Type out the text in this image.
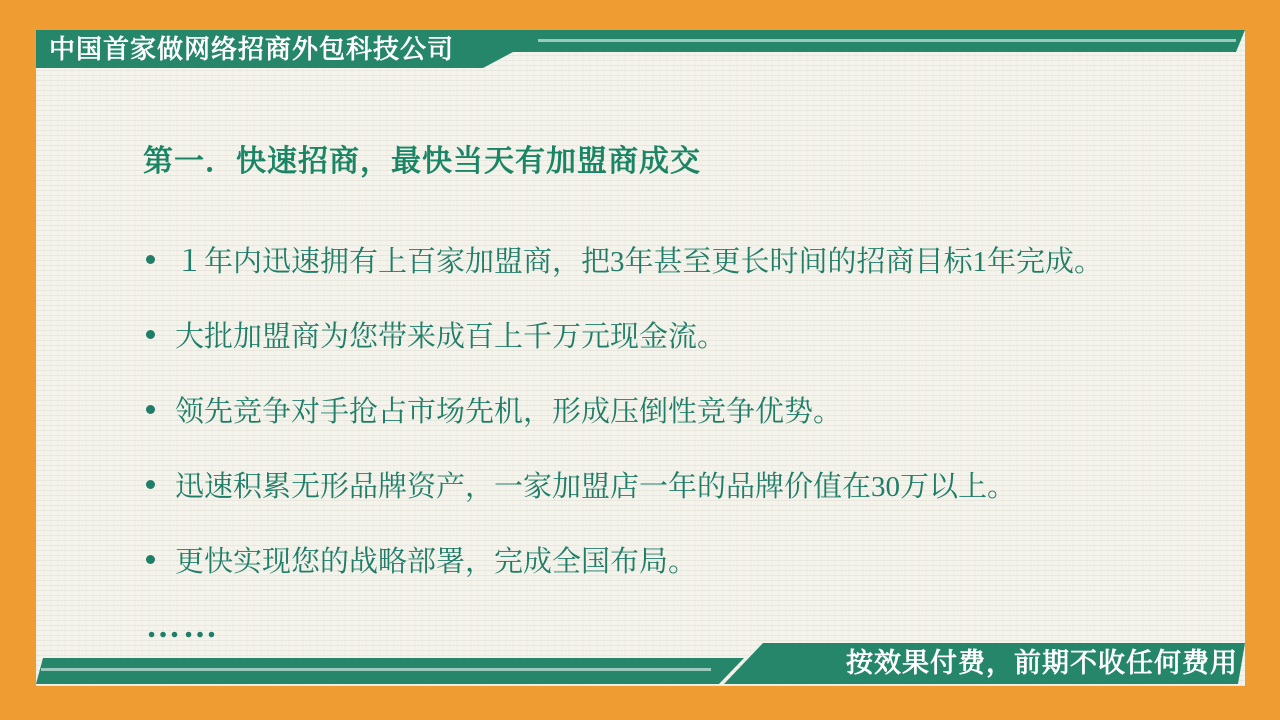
中国首家做网络招商外包科技公司
第一．快速招商，最快当天有加盟商成交
１年内迅速拥有上百家加盟商，把3年甚至更长时间的招商目标1年完成。
大批加盟商为您带来成百上千万元现金流。
领先竞争对手抢占市场先机，形成压倒性竞争优势。
迅速积累无形品牌资产，一家加盟店一年的品牌价值在30万以上。
更快实现您的战略部署，完成全国布局。
……
按效果付费，前期不收任何费用
